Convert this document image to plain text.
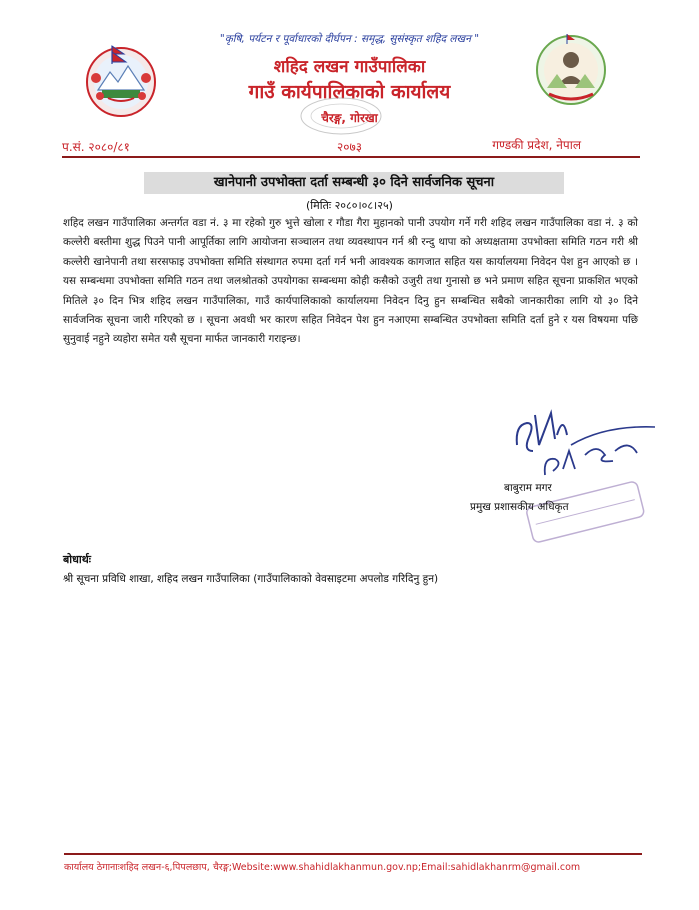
"कृषि, पर्यटन र पूर्वाधारको दीर्घपन : समृद्ध, सुसंस्कृत शहिद लखन "
शहिद लखन गाउँपालिका
गाउँ कार्यपालिकाको कार्यालय
चैरङ्ग, गोरखा
२०७३
प.सं. २०८०/८१	गण्डकी प्रदेश, नेपाल
खानेपानी उपभोक्ता दर्ता सम्बन्धी ३० दिने सार्वजनिक सूचना
(मितिः २०८०।०८।२५)
शहिद लखन गाउँपालिका अन्तर्गत वडा नं. ३ मा रहेको गुरु भुत्ते खोला र गौडा गैरा मुहानको पानी उपयोग गर्ने गरी शहिद लखन गाउँपालिका वडा नं. ३ को कल्लेरी बस्तीमा शुद्ध पिउने पानी आपूर्तिका लागि आयोजना सञ्चालन तथा व्यवस्थापन गर्न श्री रन्दु थापा को अध्यक्षतामा उपभोक्ता समिति गठन गरी श्री कल्लेरी खानेपानी तथा सरसफाइ उपभोक्ता समिति संस्थागत रुपमा दर्ता गर्न भनी आवश्यक कागजात सहित यस कार्यालयमा निवेदन पेश हुन आएको छ । यस सम्बन्धमा उपभोक्ता समिति गठन तथा जलश्रोतको उपयोगका सम्बन्धमा कोही कसैको उजुरी तथा गुनासो छ भने प्रमाण सहित सूचना प्राकशित भएको मितिले ३० दिन भित्र शहिद लखन गाउँपालिका, गाउँ कार्यपालिकाको कार्यालयमा निवेदन दिनु हुन सम्बन्धित सबैको जानकारीका लागि यो ३० दिने सार्वजनिक सूचना जारी गरिएको छ । सूचना अवधी भर कारण सहित निवेदन पेश हुन नआएमा सम्बन्धित उपभोक्ता समिति दर्ता हुने र यस विषयमा पछि सुनुवाई नहुने व्यहोरा समेत यसै सूचना मार्फत जानकारी गराइन्छ।
बाबुराम मगर
प्रमुख प्रशासकीय अधिकृत
बोधार्थः
श्री सूचना प्रविधि शाखा, शहिद लखन गाउँपालिका (गाउँपालिकाको वेवसाइटमा अपलोड गरिदिनु हुन)
कार्यालय ठेगानाःशहिद लखन-६,पिपलछाप, चैरङ्ग;Website:www.shahidlakhanmun.gov.np;Email:sahidlakhanrm@gmail.com
